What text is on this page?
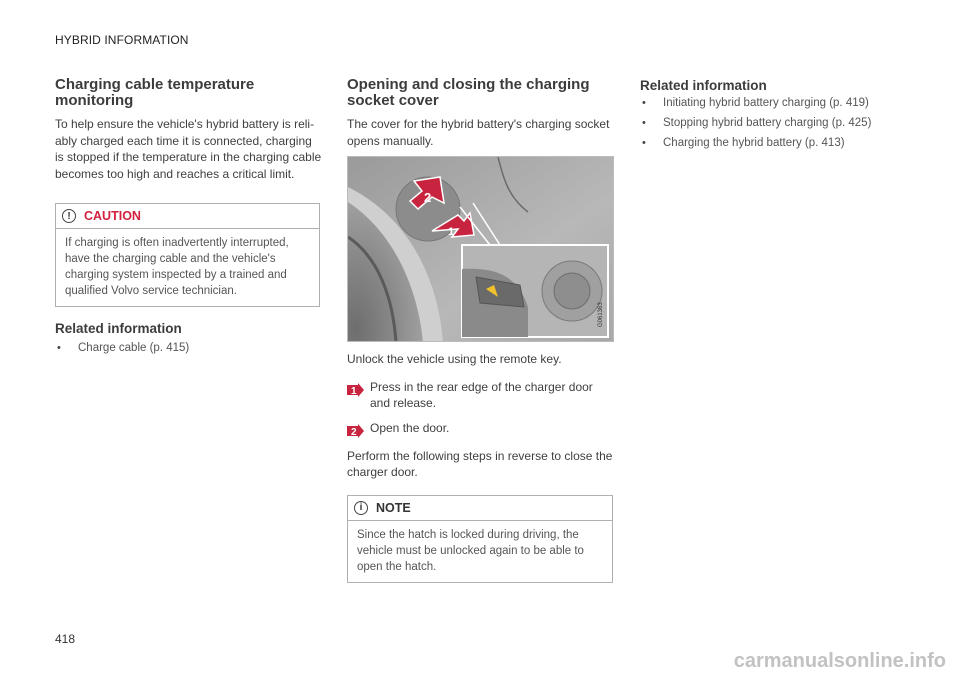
HYBRID INFORMATION
418
Charging cable temperature monitoring

To help ensure the vehicle's hybrid battery is reli-ably charged each time it is connected, charging is stopped if the temperature in the charging cable becomes too high and reaches a critical limit.

!	CAUTION
If charging is often inadvertently interrupted, have the charging cable and the vehicle's charging system inspected by a trained and qualified Volvo service technician.
Related information
• Charge cable (p. 415)
Opening and closing the charging socket cover

The cover for the hybrid battery's charging socket opens manually.

2
1
G061363

Unlock the vehicle using the remote key.

1 Press in the rear edge of the charger door and release.

2 Open the door.

Perform the following steps in reverse to close the charger door.

i	NOTE
Since the hatch is locked during driving, the vehicle must be unlocked again to be able to open the hatch.
Related information
• Initiating hybrid battery charging (p. 419)
• Stopping hybrid battery charging (p. 425)
• Charging the hybrid battery (p. 413)
carmanualsonline.info
